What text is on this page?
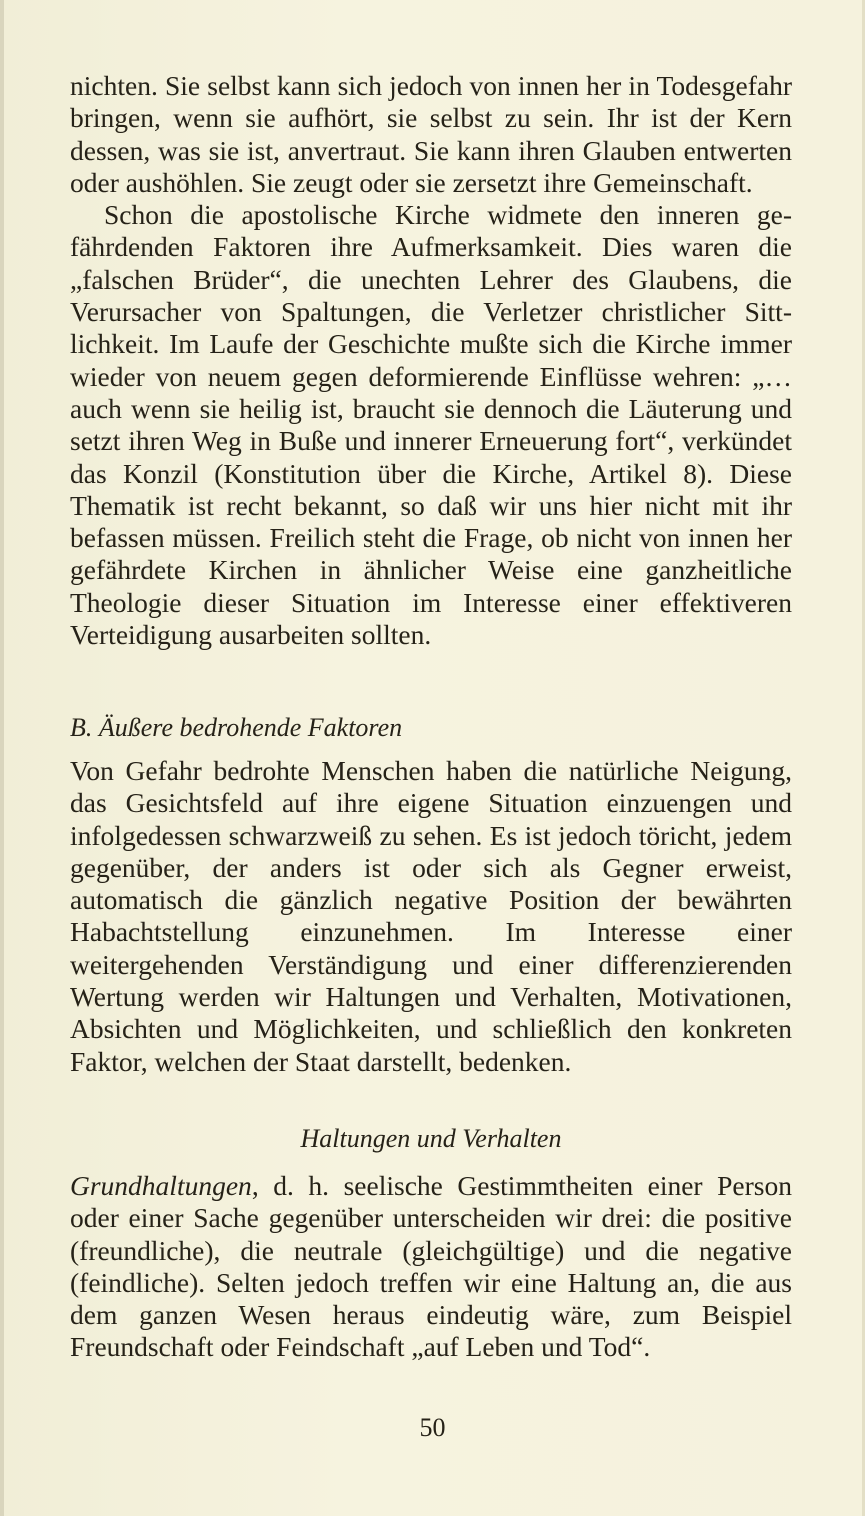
nichten. Sie selbst kann sich jedoch von innen her in Todesgefahr bringen, wenn sie aufhört, sie selbst zu sein. Ihr ist der Kern dessen, was sie ist, anvertraut. Sie kann ihren Glauben entwerten oder aushöhlen. Sie zeugt oder sie zersetzt ihre Gemeinschaft.

Schon die apostolische Kirche widmete den inneren gefährdenden Faktoren ihre Aufmerksamkeit. Dies waren die „falschen Brüder“, die unechten Lehrer des Glaubens, die Verursacher von Spaltungen, die Verletzer christlicher Sittlichkeit. Im Laufe der Geschichte mußte sich die Kirche immer wieder von neuem gegen deformierende Einflüsse wehren: „… auch wenn sie heilig ist, braucht sie dennoch die Läuterung und setzt ihren Weg in Buße und innerer Erneuerung fort“, verkündet das Konzil (Konstitution über die Kirche, Artikel 8). Diese Thematik ist recht bekannt, so daß wir uns hier nicht mit ihr befassen müssen. Freilich steht die Frage, ob nicht von innen her gefährdete Kirchen in ähnlicher Weise eine ganzheitliche Theologie dieser Situation im Interesse einer effektiveren Verteidigung ausarbeiten sollten.

B. Äußere bedrohende Faktoren

Von Gefahr bedrohte Menschen haben die natürliche Neigung, das Gesichtsfeld auf ihre eigene Situation einzuengen und infolgedessen schwarzweiß zu sehen. Es ist jedoch töricht, jedem gegenüber, der anders ist oder sich als Gegner erweist, automatisch die gänzlich negative Position der bewährten Habachtstellung einzunehmen. Im Interesse einer weitergehenden Verständigung und einer differenzierenden Wertung werden wir Haltungen und Verhalten, Motivationen, Absichten und Möglichkeiten, und schließlich den konkreten Faktor, welchen der Staat darstellt, bedenken.

Haltungen und Verhalten

Grundhaltungen, d. h. seelische Gestimmtheiten einer Person oder einer Sache gegenüber unterscheiden wir drei: die positive (freundliche), die neutrale (gleichgültige) und die negative (feindliche). Selten jedoch treffen wir eine Haltung an, die aus dem ganzen Wesen heraus eindeutig wäre, zum Beispiel Freundschaft oder Feindschaft „auf Leben und Tod“.

50
